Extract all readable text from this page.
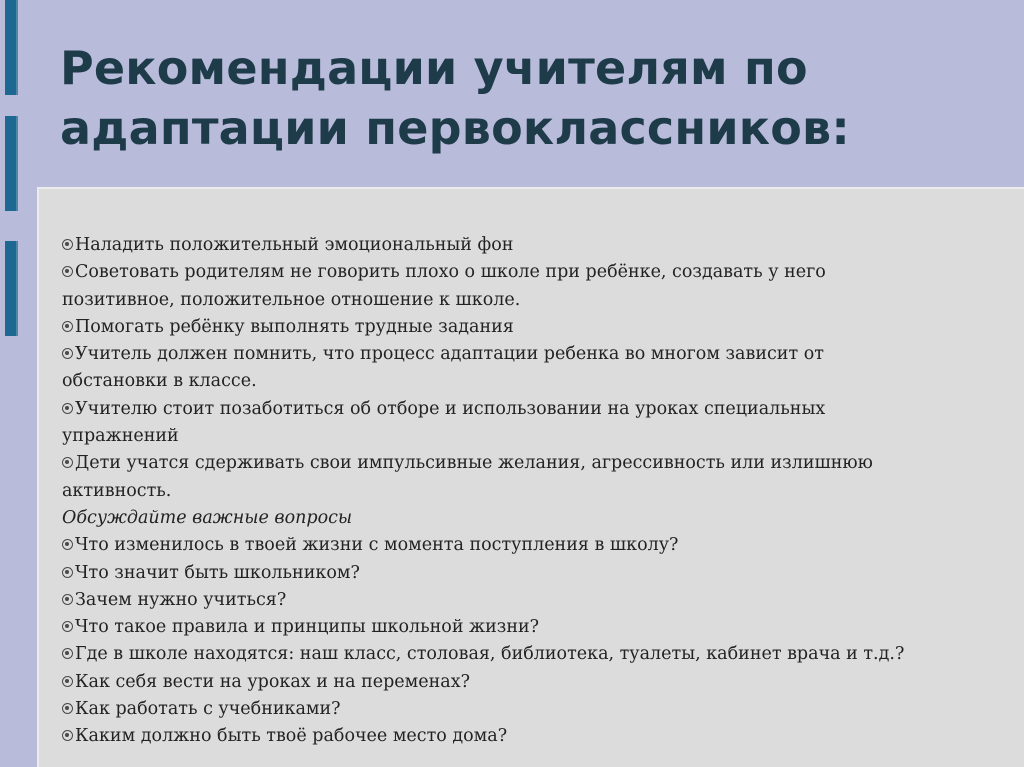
Рекомендации учителям по
адаптации первоклассников:
Наладить положительный эмоциональный фон
Советовать родителям не говорить плохо о школе при ребёнке, создавать у него
позитивное, положительное отношение к школе.
Помогать ребёнку выполнять трудные задания
Учитель должен помнить, что процесс адаптации ребенка во многом зависит от
обстановки в классе.
Учителю стоит позаботиться об отборе и использовании на уроках специальных
упражнений
Дети учатся сдерживать свои импульсивные желания, агрессивность или излишнюю
активность.
Обсуждайте важные вопросы
Что изменилось в твоей жизни с момента поступления в школу?
Что значит быть школьником?
Зачем нужно учиться?
Что такое правила и принципы школьной жизни?
Где в школе находятся: наш класс, столовая, библиотека, туалеты, кабинет врача и т.д.?
Как себя вести на уроках и на переменах?
Как работать с учебниками?
Каким должно быть твоё рабочее место дома?
